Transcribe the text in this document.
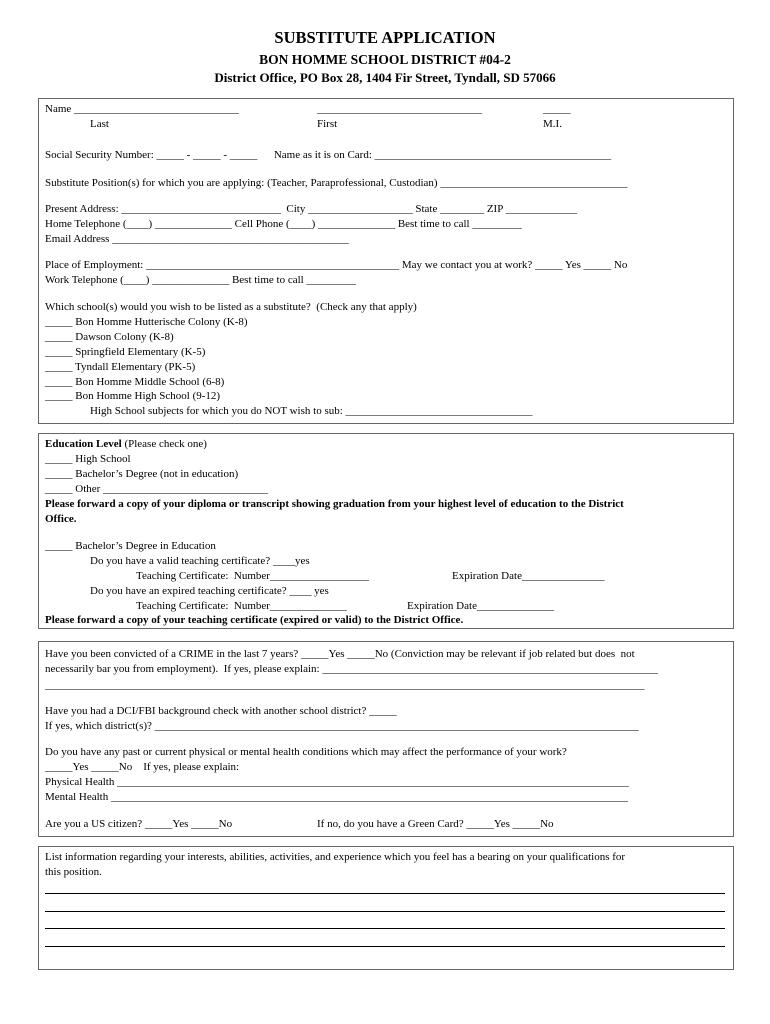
SUBSTITUTE APPLICATION
BON HOMME SCHOOL DISTRICT #04-2
District Office, PO Box 28, 1404 Fir Street, Tyndall, SD 57066
Name ______________________________	______________________________	_____
Last	First	M.I.
Social Security Number: _____ - _____ - _____      Name as it is on Card: ___________________________________________
Substitute Position(s) for which you are applying: (Teacher, Paraprofessional, Custodian) __________________________________
Present Address: _____________________________  City ___________________ State ________ ZIP _____________
Home Telephone (____) ______________ Cell Phone (____) ______________ Best time to call _________
Email Address ___________________________________________
Place of Employment: ______________________________________________ May we contact you at work? _____ Yes _____ No
Work Telephone (____) ______________ Best time to call _________
Which school(s) would you wish to be listed as a substitute?  (Check any that apply)
_____ Bon Homme Hutterische Colony (K-8)
_____ Dawson Colony (K-8)
_____ Springfield Elementary (K-5)
_____ Tyndall Elementary (PK-5)
_____ Bon Homme Middle School (6-8)
_____ Bon Homme High School (9-12)
High School subjects for which you do NOT wish to sub: __________________________________
Education Level (Please check one)
_____ High School
_____ Bachelor’s Degree (not in education)
_____ Other ______________________________
Please forward a copy of your diploma or transcript showing graduation from your highest level of education to the District
Office.
_____ Bachelor’s Degree in Education
Do you have a valid teaching certificate? ____yes
Teaching Certificate:  Number__________________	Expiration Date_______________
Do you have an expired teaching certificate? ____ yes
Teaching Certificate:  Number______________	Expiration Date______________
Please forward a copy of your teaching certificate (expired or valid) to the District Office.
Have you been convicted of a CRIME in the last 7 years? _____Yes _____No (Conviction may be relevant if job related but does  not
necessarily bar you from employment).  If yes, please explain: _____________________________________________________________
_____________________________________________________________________________________________________________
Have you had a DCI/FBI background check with another school district? _____
If yes, which district(s)? ________________________________________________________________________________________
Do you have any past or current physical or mental health conditions which may affect the performance of your work?
_____Yes _____No    If yes, please explain:
Physical Health _____________________________________________________________________________________________
Mental Health ______________________________________________________________________________________________
Are you a US citizen? _____Yes _____No	If no, do you have a Green Card? _____Yes _____No
List information regarding your interests, abilities, activities, and experience which you feel has a bearing on your qualifications for
this position.
